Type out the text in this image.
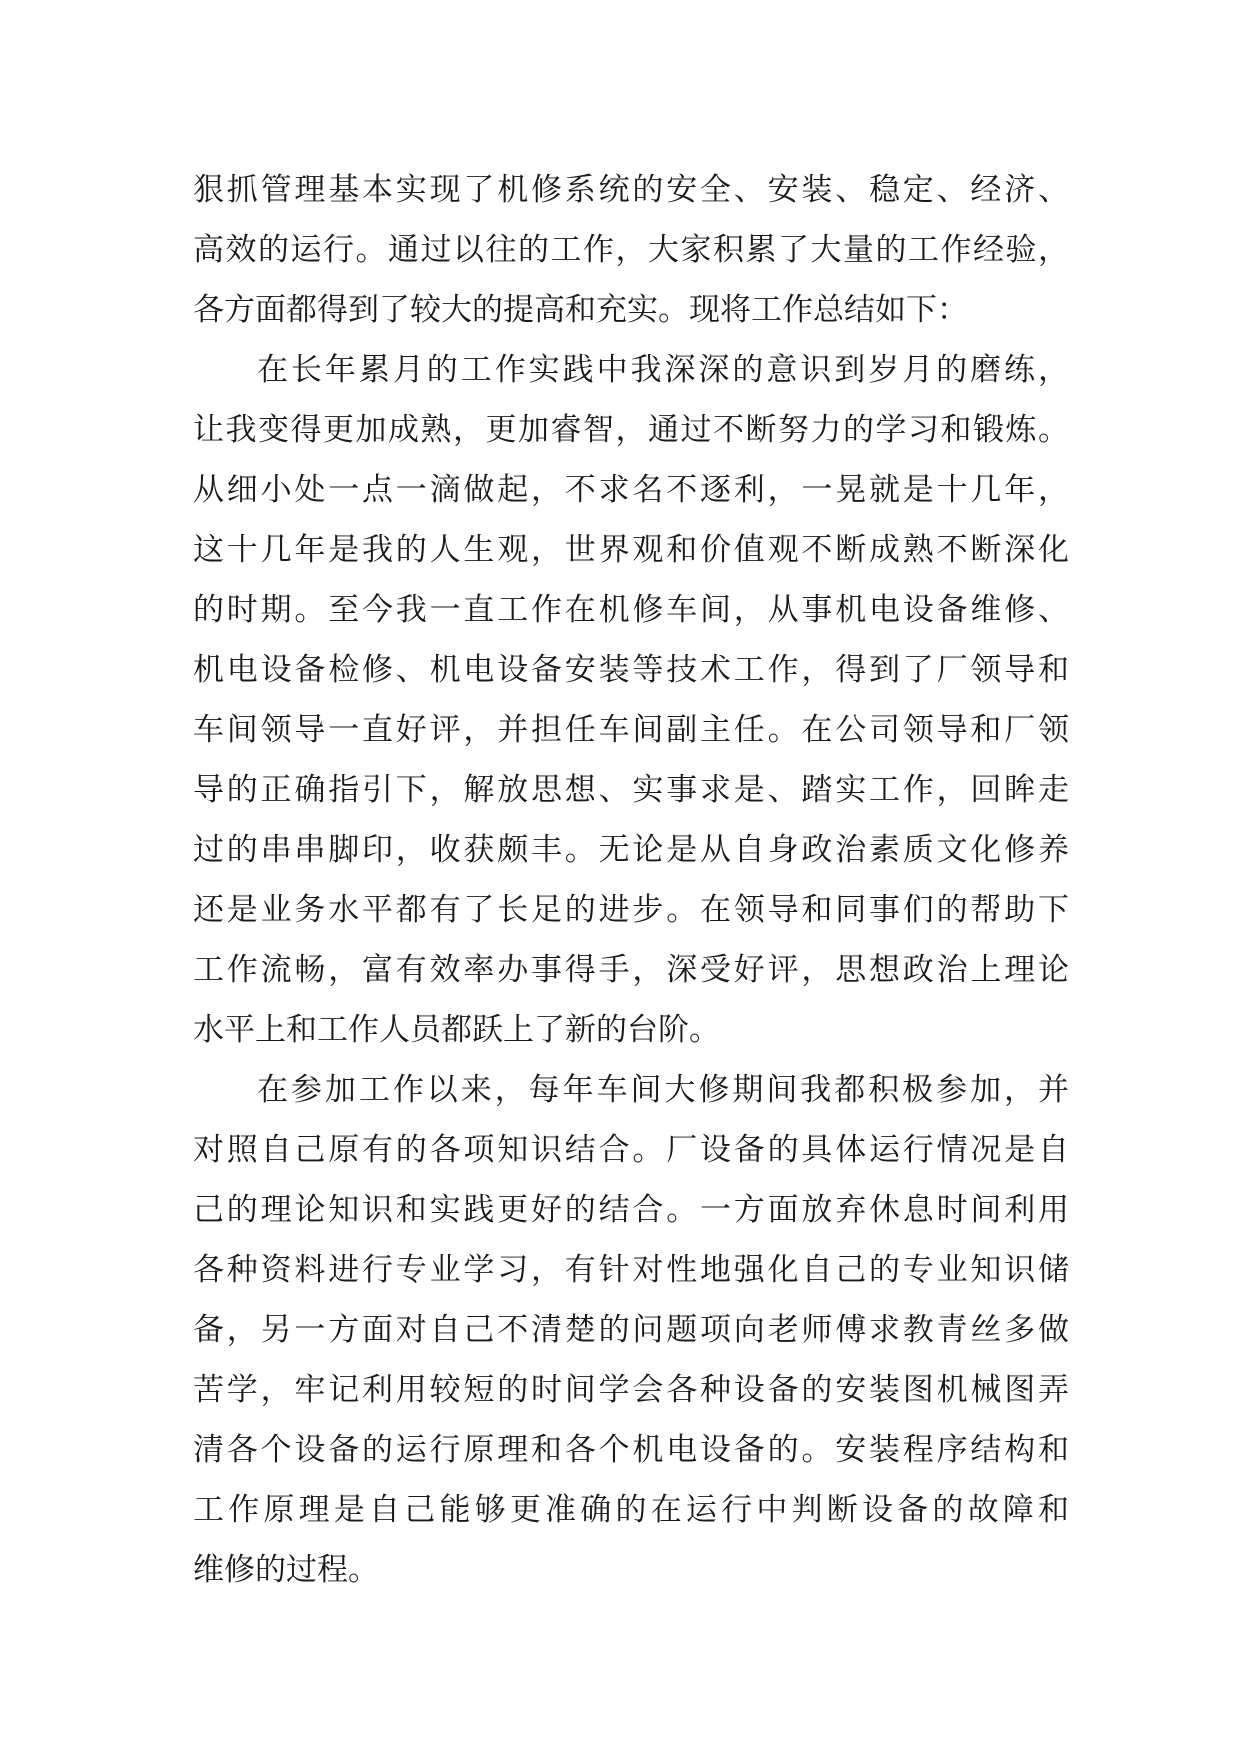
狠抓管理基本实现了机修系统的安全、安装、稳定、经济、
高效的运行。通过以往的工作，大家积累了大量的工作经验，
各方面都得到了较大的提高和充实。现将工作总结如下：
在长年累月的工作实践中我深深的意识到岁月的磨练，
让我变得更加成熟，更加睿智，通过不断努力的学习和锻炼。
从细小处一点一滴做起，不求名不逐利，一晃就是十几年，
这十几年是我的人生观，世界观和价值观不断成熟不断深化
的时期。至今我一直工作在机修车间，从事机电设备维修、
机电设备检修、机电设备安装等技术工作，得到了厂领导和
车间领导一直好评，并担任车间副主任。在公司领导和厂领
导的正确指引下，解放思想、实事求是、踏实工作，回眸走
过的串串脚印，收获颇丰。无论是从自身政治素质文化修养
还是业务水平都有了长足的进步。在领导和同事们的帮助下
工作流畅，富有效率办事得手，深受好评，思想政治上理论
水平上和工作人员都跃上了新的台阶。
在参加工作以来，每年车间大修期间我都积极参加，并
对照自己原有的各项知识结合。厂设备的具体运行情况是自
己的理论知识和实践更好的结合。一方面放弃休息时间利用
各种资料进行专业学习，有针对性地强化自己的专业知识储
备，另一方面对自己不清楚的问题项向老师傅求教青丝多做
苦学，牢记利用较短的时间学会各种设备的安装图机械图弄
清各个设备的运行原理和各个机电设备的。安装程序结构和
工作原理是自己能够更准确的在运行中判断设备的故障和
维修的过程。
